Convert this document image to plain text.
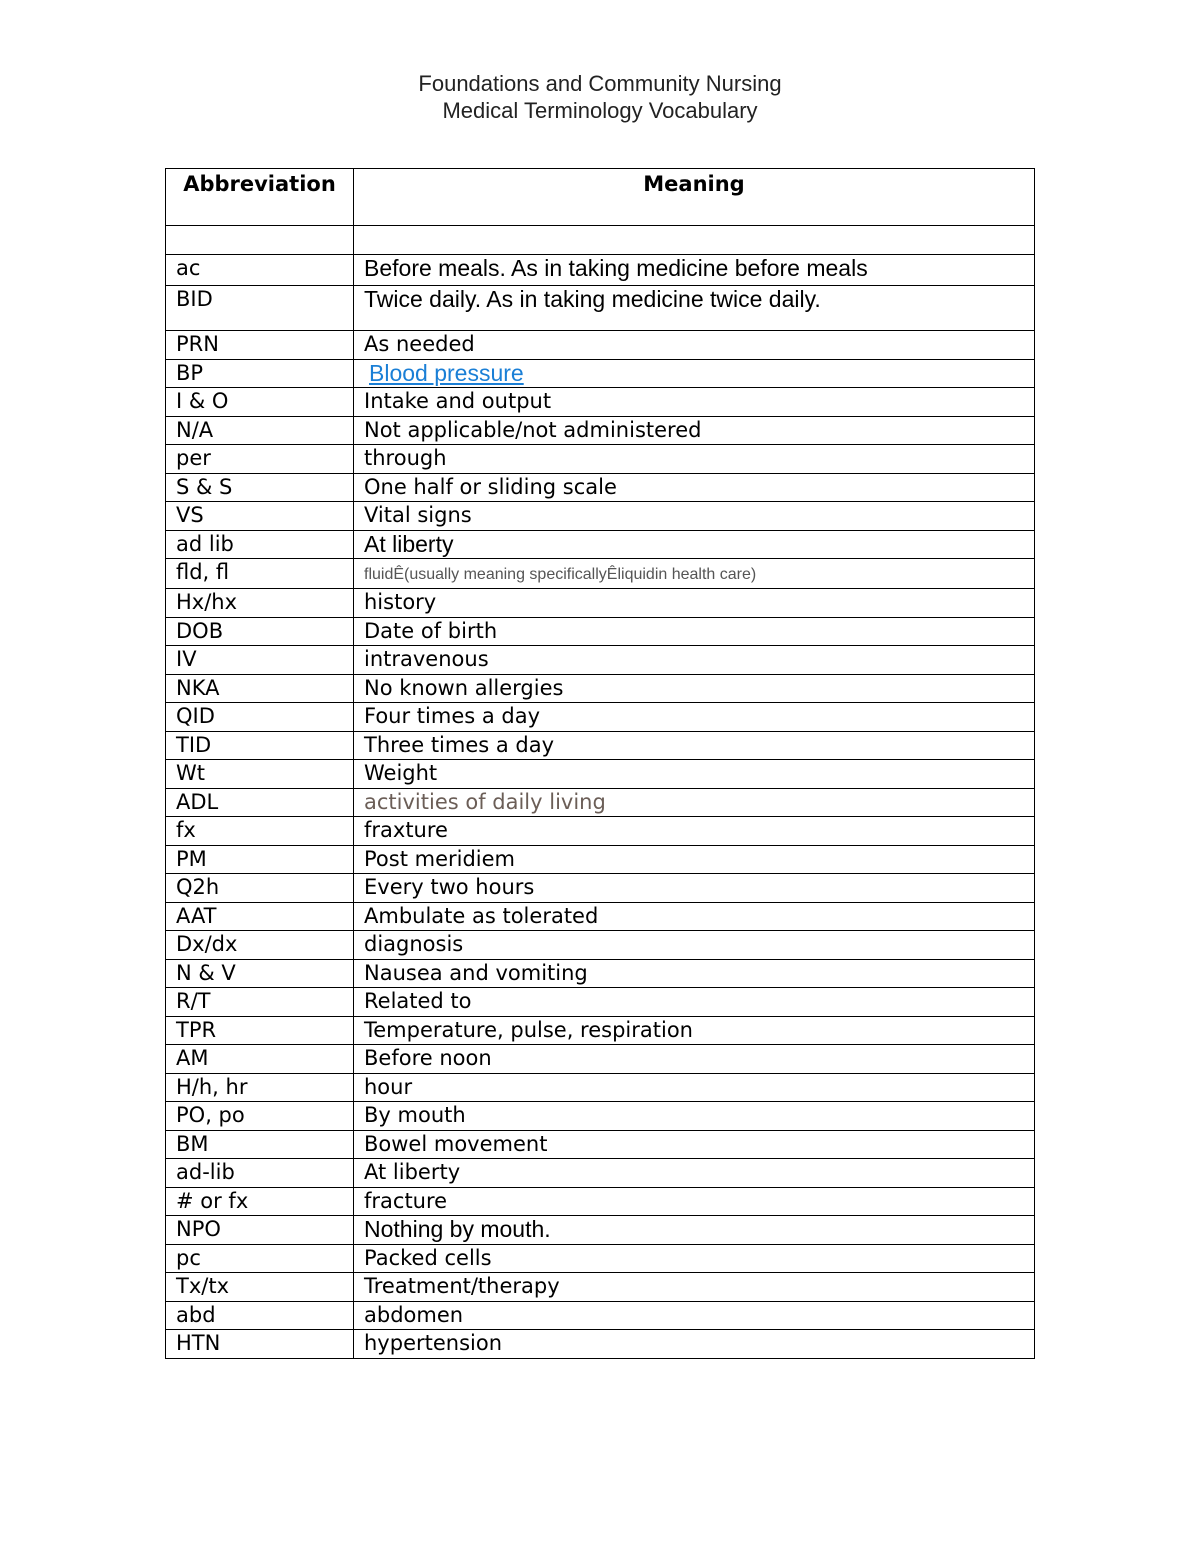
Foundations and Community Nursing
Medical Terminology Vocabulary
Abbreviation	Meaning

ac	Before meals. As in taking medicine before meals
BID	Twice daily. As in taking medicine twice daily.
PRN	As needed
BP	Blood pressure
I & O	Intake and output
N/A	Not applicable/not administered
per	through
S & S	One half or sliding scale
VS	Vital signs
ad lib	At liberty
fld, fl	fluidÊ(usually meaning specificallyÊliquidin health care)
Hx/hx	history
DOB	Date of birth
IV	intravenous
NKA	No known allergies
QID	Four times a day
TID	Three times a day
Wt	Weight
ADL	activities of daily living
fx	fraxture
PM	Post meridiem
Q2h	Every two hours
AAT	Ambulate as tolerated
Dx/dx	diagnosis
N & V	Nausea and vomiting
R/T	Related to
TPR	Temperature, pulse, respiration
AM	Before noon
H/h, hr	hour
PO, po	By mouth
BM	Bowel movement
ad-lib	At liberty
# or fx	fracture
NPO	Nothing by mouth.
pc	Packed cells
Tx/tx	Treatment/therapy
abd	abdomen
HTN	hypertension
